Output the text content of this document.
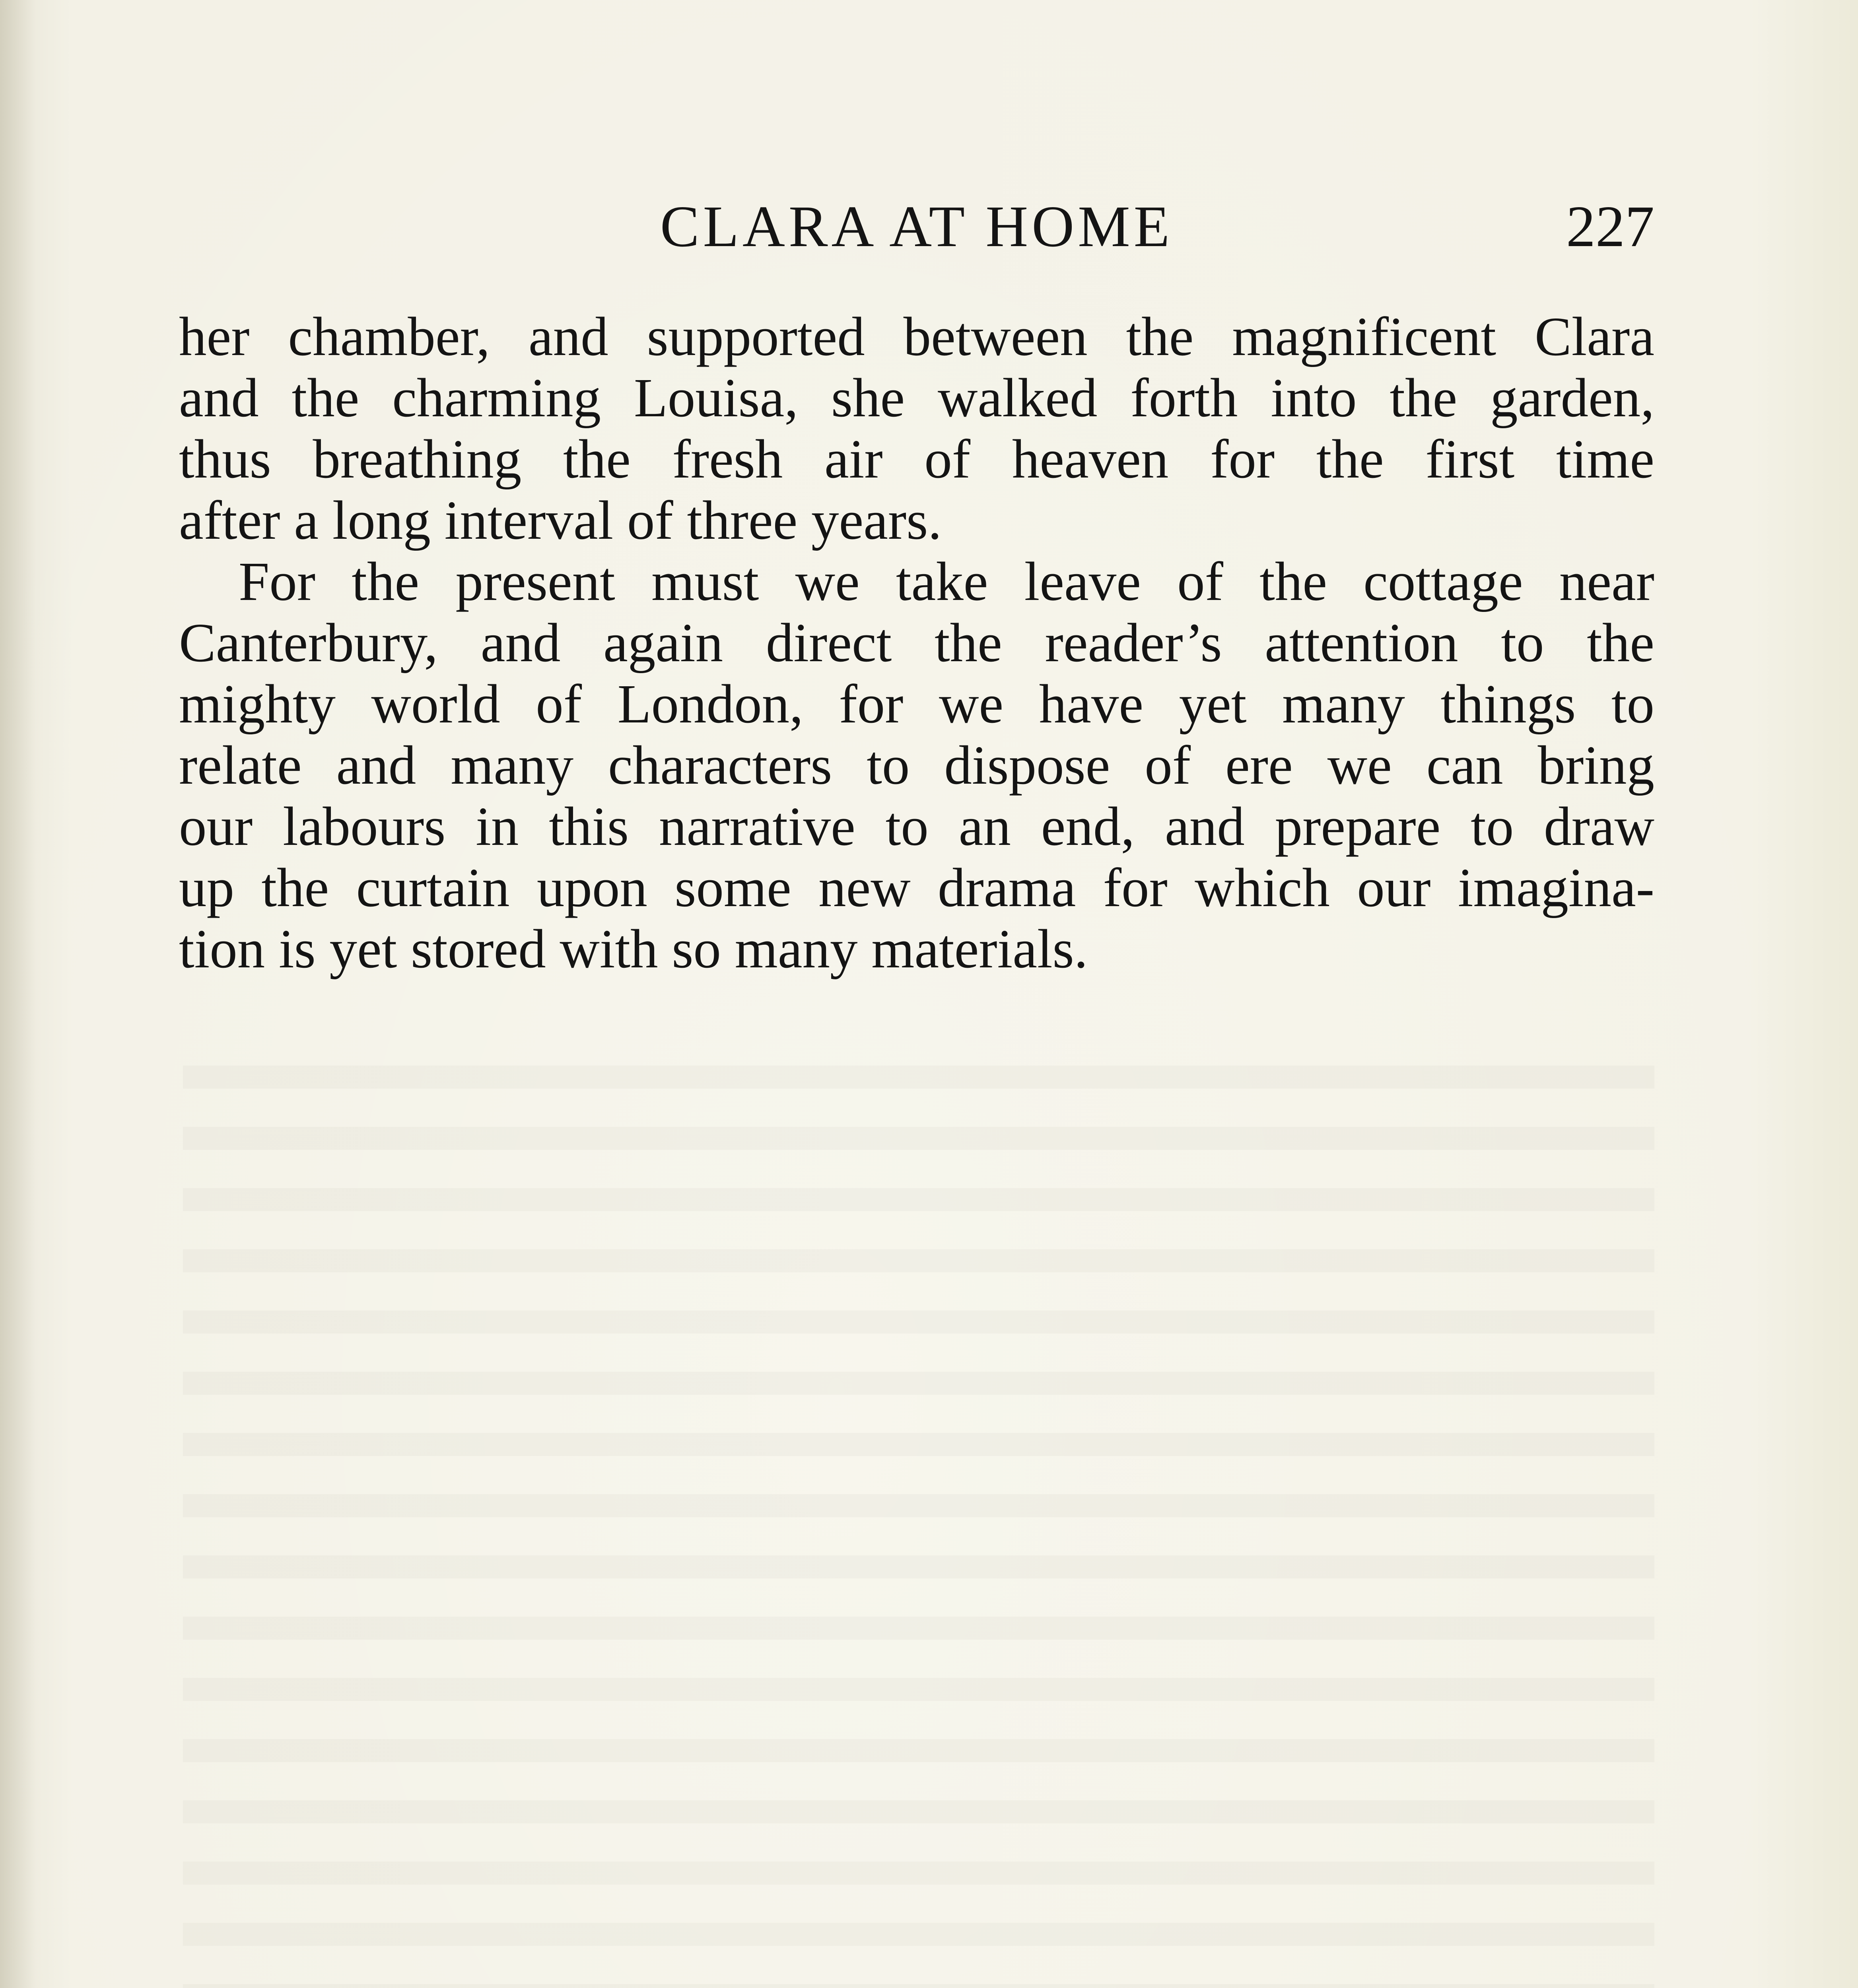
CLARA AT HOME	227
her chamber, and supported between the magnificent Clara
and the charming Louisa, she walked forth into the garden,
thus breathing the fresh air of heaven for the first time
after a long interval of three years.
For the present must we take leave of the cottage near
Canterbury, and again direct the reader’s attention to the
mighty world of London, for we have yet many things to
relate and many characters to dispose of ere we can bring
our labours in this narrative to an end, and prepare to draw
up the curtain upon some new drama for which our imagina-
tion is yet stored with so many materials.
